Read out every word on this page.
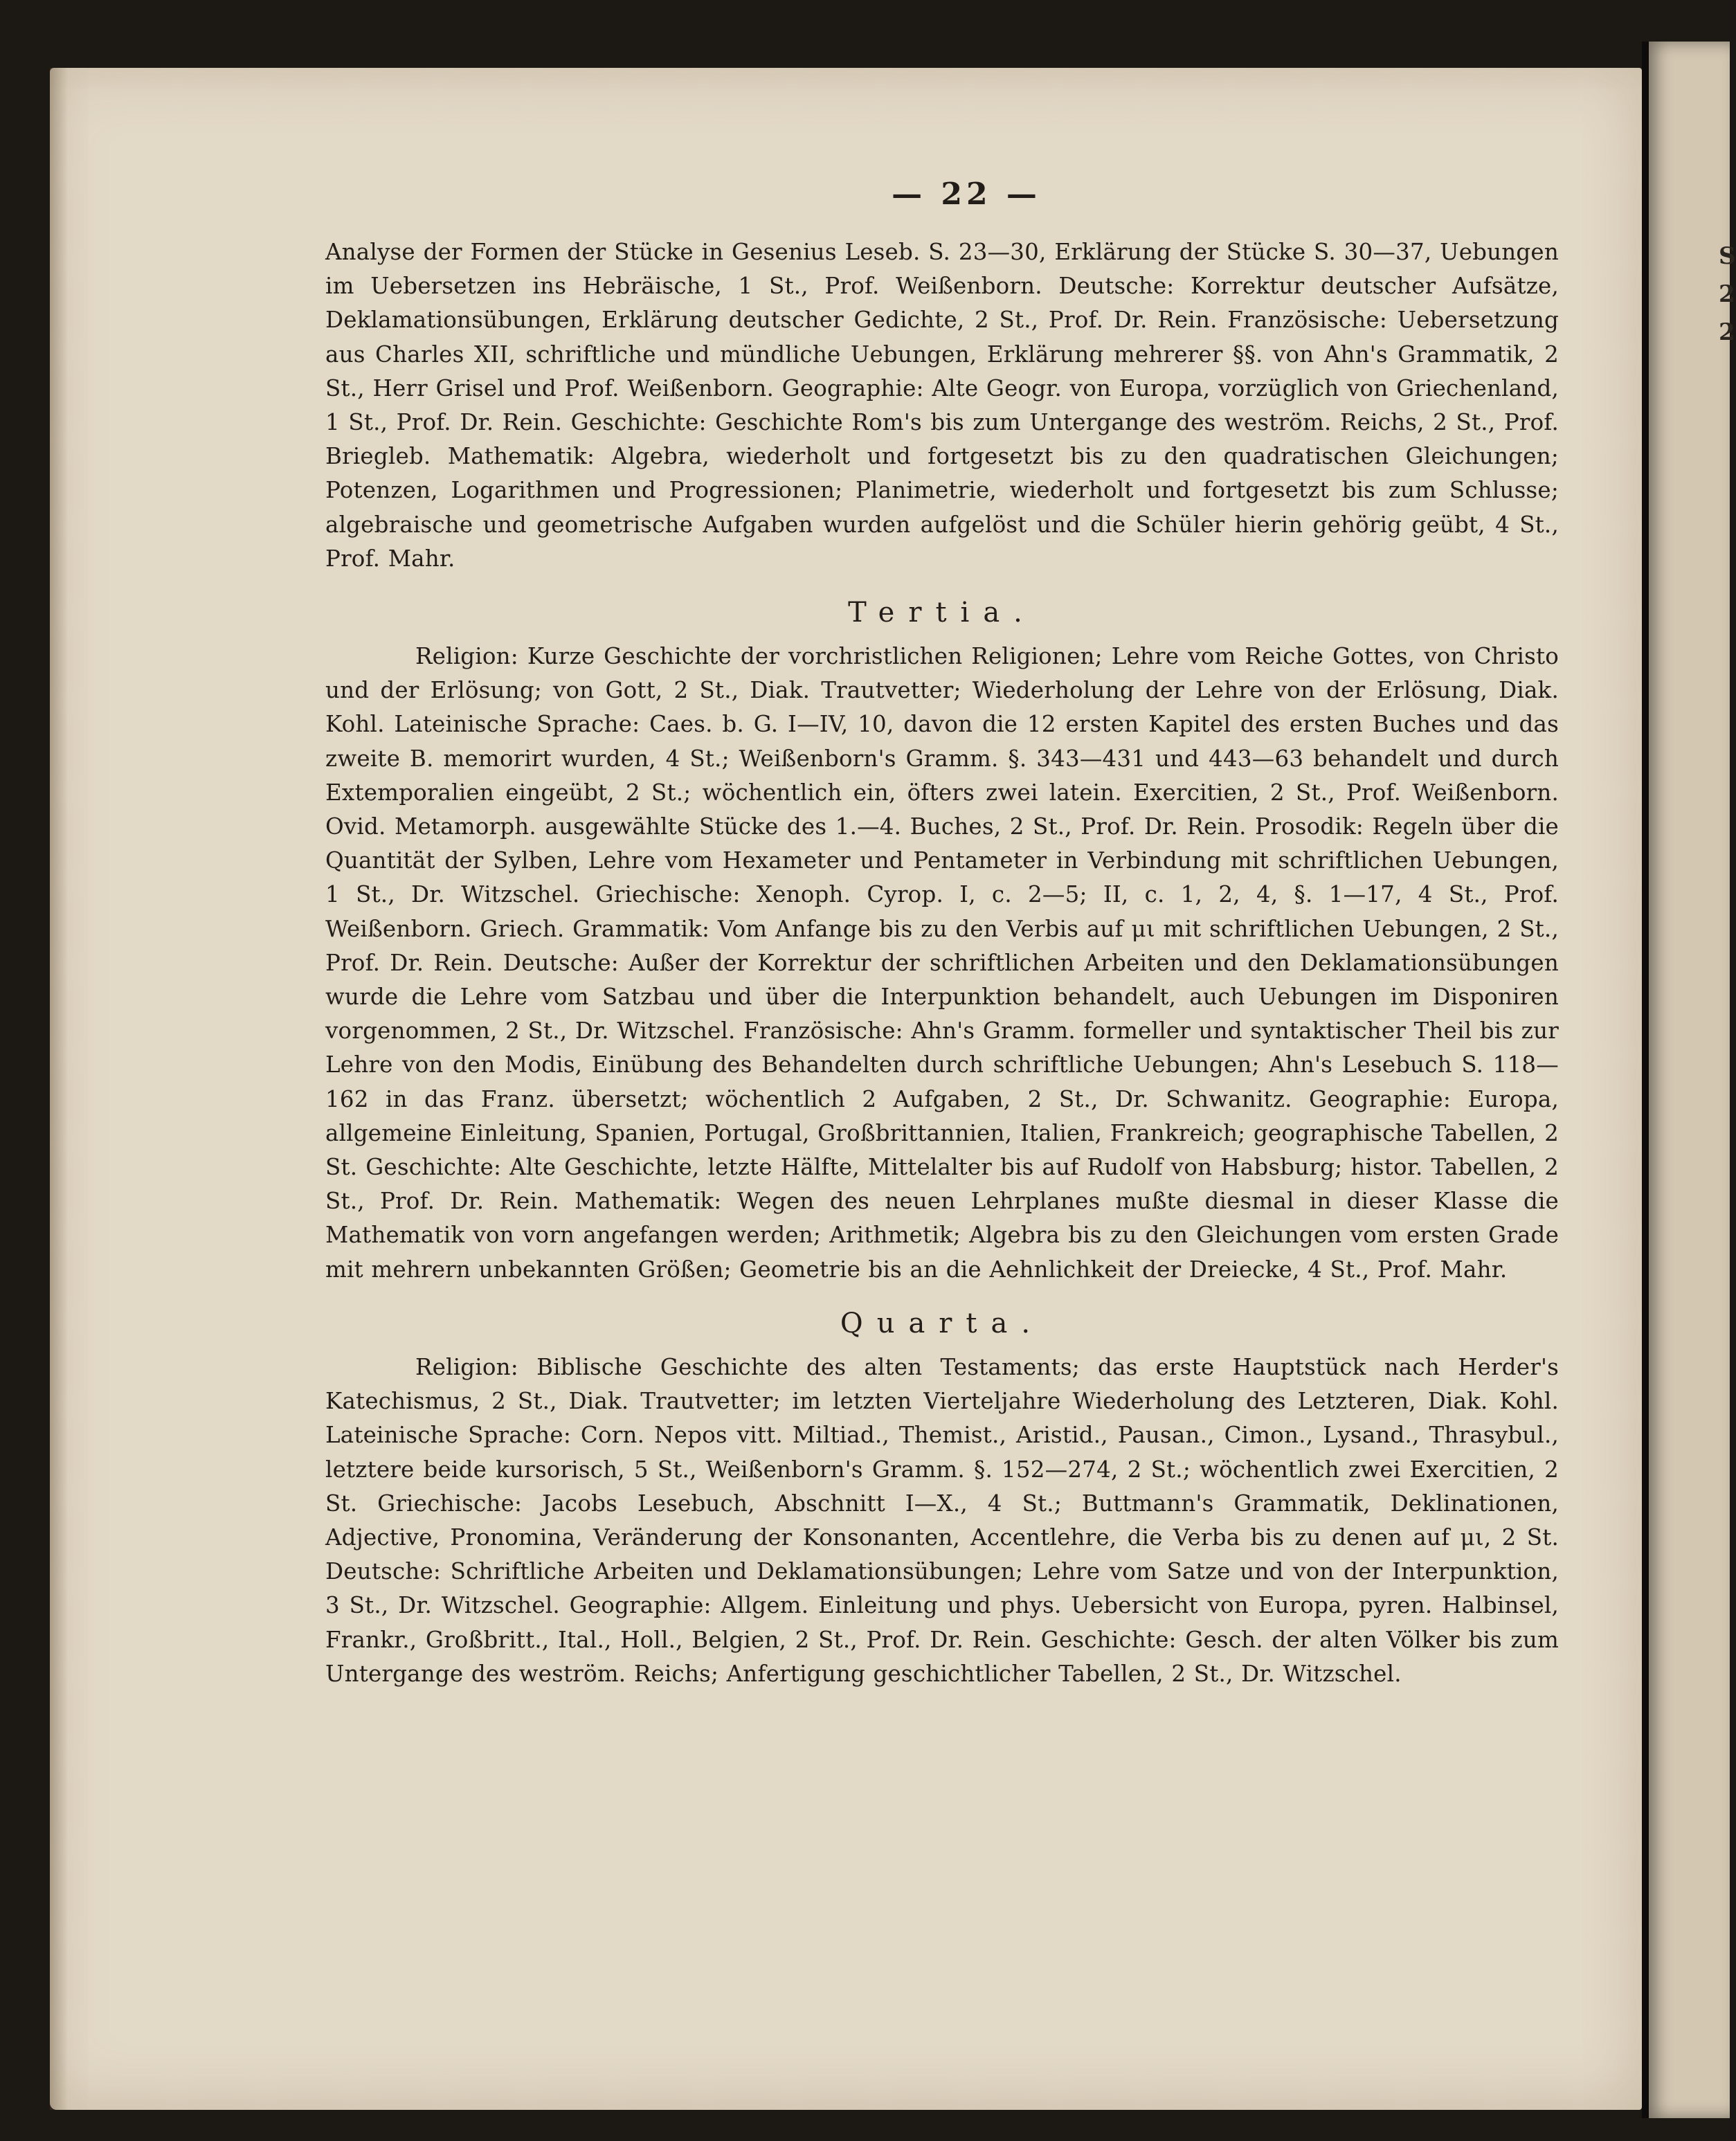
S
2
2
— 22 —

Analyse der Formen der Stücke in Gesenius Leseb. S. 23—30, Erklärung der Stücke S. 30—37, Uebungen im Uebersetzen ins Hebräische, 1 St., Prof. Weißenborn. Deutsche: Korrektur deutscher Aufsätze, Deklamationsübungen, Erklärung deutscher Gedichte, 2 St., Prof. Dr. Rein. Französische: Uebersetzung aus Charles XII, schriftliche und mündliche Uebungen, Erklärung mehrerer §§. von Ahn's Grammatik, 2 St., Herr Grisel und Prof. Weißenborn. Geographie: Alte Geogr. von Europa, vorzüglich von Griechenland, 1 St., Prof. Dr. Rein. Geschichte: Geschichte Rom's bis zum Untergange des weström. Reichs, 2 St., Prof. Briegleb. Mathematik: Algebra, wiederholt und fortgesetzt bis zu den quadratischen Gleichungen; Potenzen, Logarithmen und Progressionen; Planimetrie, wiederholt und fortgesetzt bis zum Schlusse; algebraische und geometrische Aufgaben wurden aufgelöst und die Schüler hierin gehörig geübt, 4 St., Prof. Mahr.

Tertia.

Religion: Kurze Geschichte der vorchristlichen Religionen; Lehre vom Reiche Gottes, von Christo und der Erlösung; von Gott, 2 St., Diak. Trautvetter; Wiederholung der Lehre von der Erlösung, Diak. Kohl. Lateinische Sprache: Caes. b. G. I—IV, 10, davon die 12 ersten Kapitel des ersten Buches und das zweite B. memorirt wurden, 4 St.; Weißenborn's Gramm. §. 343—431 und 443—63 behandelt und durch Extemporalien eingeübt, 2 St.; wöchentlich ein, öfters zwei latein. Exercitien, 2 St., Prof. Weißenborn. Ovid. Metamorph. ausgewählte Stücke des 1.—4. Buches, 2 St., Prof. Dr. Rein. Prosodik: Regeln über die Quantität der Sylben, Lehre vom Hexameter und Pentameter in Verbindung mit schriftlichen Uebungen, 1 St., Dr. Witzschel. Griechische: Xenoph. Cyrop. I, c. 2—5; II, c. 1, 2, 4, §. 1—17, 4 St., Prof. Weißenborn. Griech. Grammatik: Vom Anfange bis zu den Verbis auf μι mit schriftlichen Uebungen, 2 St., Prof. Dr. Rein. Deutsche: Außer der Korrektur der schriftlichen Arbeiten und den Deklamationsübungen wurde die Lehre vom Satzbau und über die Interpunktion behandelt, auch Uebungen im Disponiren vorgenommen, 2 St., Dr. Witzschel. Französische: Ahn's Gramm. formeller und syntaktischer Theil bis zur Lehre von den Modis, Einübung des Behandelten durch schriftliche Uebungen; Ahn's Lesebuch S. 118—162 in das Franz. übersetzt; wöchentlich 2 Aufgaben, 2 St., Dr. Schwanitz. Geographie: Europa, allgemeine Einleitung, Spanien, Portugal, Großbrittannien, Italien, Frankreich; geographische Tabellen, 2 St. Geschichte: Alte Geschichte, letzte Hälfte, Mittelalter bis auf Rudolf von Habsburg; histor. Tabellen, 2 St., Prof. Dr. Rein. Mathematik: Wegen des neuen Lehrplanes mußte diesmal in dieser Klasse die Mathematik von vorn angefangen werden; Arithmetik; Algebra bis zu den Gleichungen vom ersten Grade mit mehrern unbekannten Größen; Geometrie bis an die Aehnlichkeit der Dreiecke, 4 St., Prof. Mahr.

Quarta.

Religion: Biblische Geschichte des alten Testaments; das erste Hauptstück nach Herder's Katechismus, 2 St., Diak. Trautvetter; im letzten Vierteljahre Wiederholung des Letzteren, Diak. Kohl. Lateinische Sprache: Corn. Nepos vitt. Miltiad., Themist., Aristid., Pausan., Cimon., Lysand., Thrasybul., letztere beide kursorisch, 5 St., Weißenborn's Gramm. §. 152—274, 2 St.; wöchentlich zwei Exercitien, 2 St. Griechische: Jacobs Lesebuch, Abschnitt I—X., 4 St.; Buttmann's Grammatik, Deklinationen, Adjective, Pronomina, Veränderung der Konsonanten, Accentlehre, die Verba bis zu denen auf μι, 2 St. Deutsche: Schriftliche Arbeiten und Deklamationsübungen; Lehre vom Satze und von der Interpunktion, 3 St., Dr. Witzschel. Geographie: Allgem. Einleitung und phys. Uebersicht von Europa, pyren. Halbinsel, Frankr., Großbritt., Ital., Holl., Belgien, 2 St., Prof. Dr. Rein. Geschichte: Gesch. der alten Völker bis zum Untergange des weström. Reichs; Anfertigung geschichtlicher Tabellen, 2 St., Dr. Witzschel.
